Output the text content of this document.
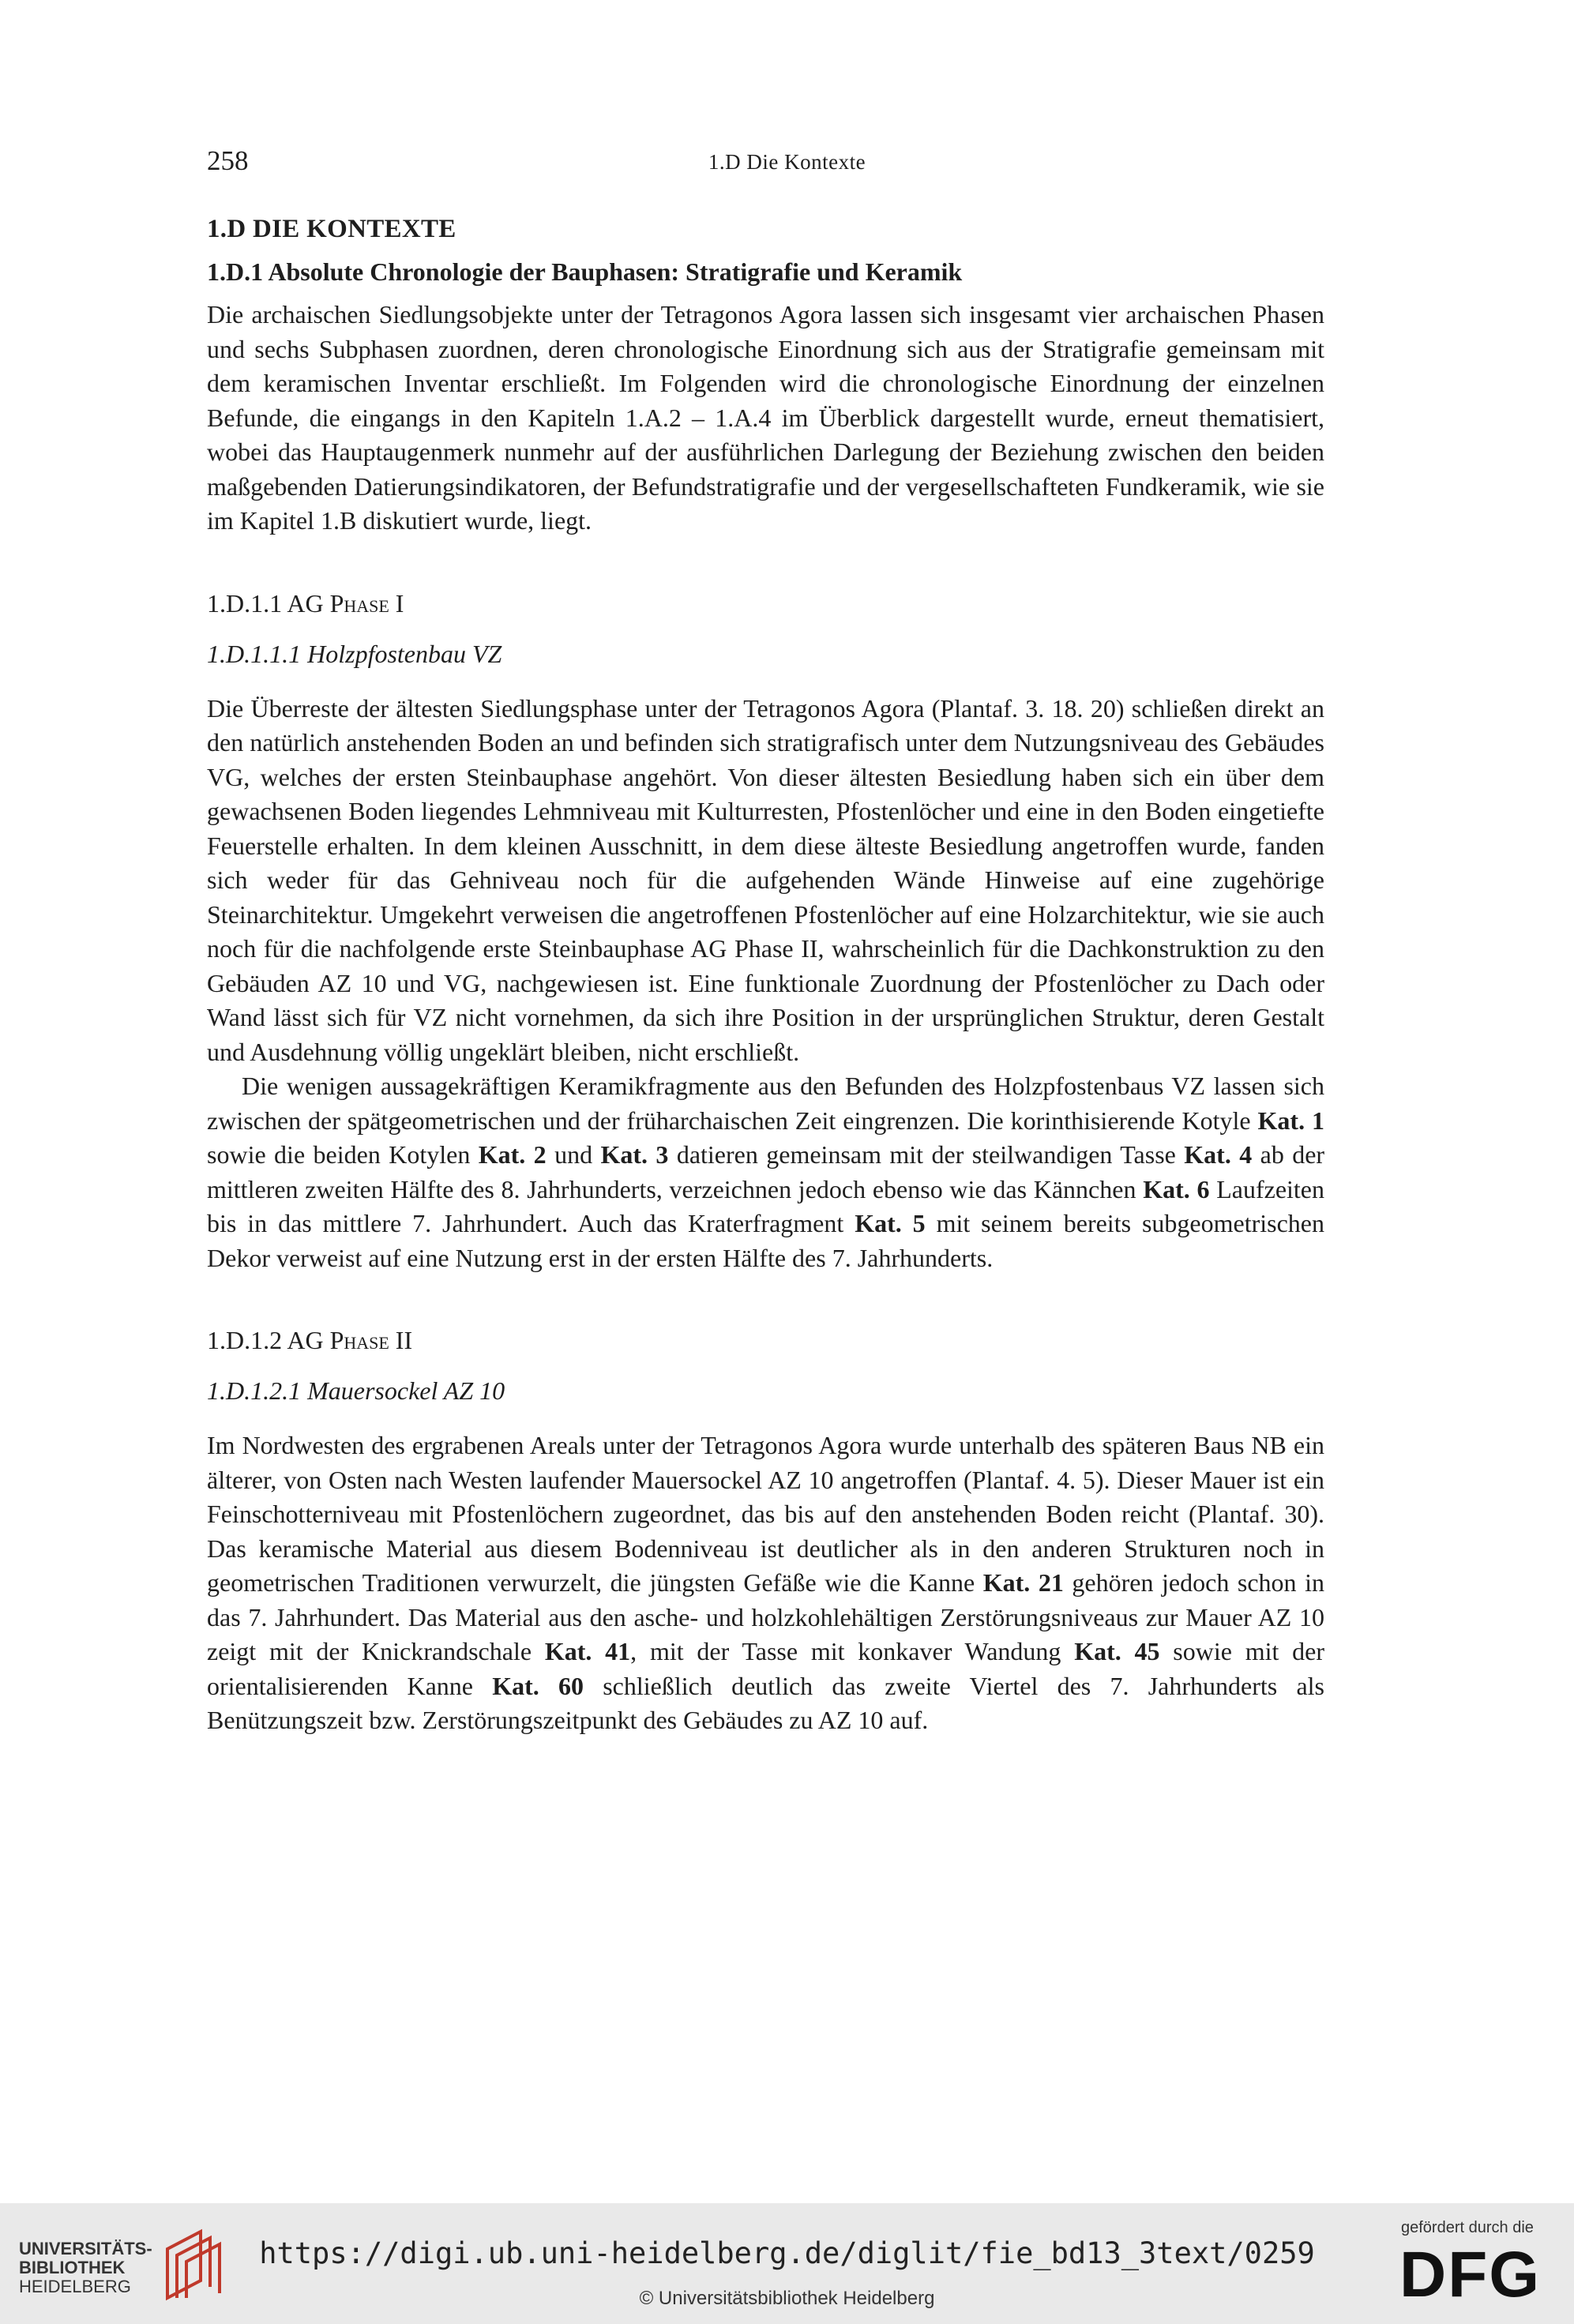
258	1.D Die Kontexte
1.D DIE KONTEXTE
1.D.1 Absolute Chronologie der Bauphasen: Stratigrafie und Keramik

Die archaischen Siedlungsobjekte unter der Tetragonos Agora lassen sich insgesamt vier archaischen Phasen und sechs Subphasen zuordnen, deren chronologische Einordnung sich aus der Stratigrafie gemeinsam mit dem keramischen Inventar erschließt. Im Folgenden wird die chronologische Einordnung der einzelnen Befunde, die eingangs in den Kapiteln 1.A.2 – 1.A.4 im Überblick dargestellt wurde, erneut thematisiert, wobei das Hauptaugenmerk nunmehr auf der ausführlichen Darlegung der Beziehung zwischen den beiden maßgebenden Datierungsindikatoren, der Befundstratigrafie und der vergesellschafteten Fundkeramik, wie sie im Kapitel 1.B diskutiert wurde, liegt.

1.D.1.1 AG Phase I
1.D.1.1.1 Holzpfostenbau VZ

Die Überreste der ältesten Siedlungsphase unter der Tetragonos Agora (Plantaf. 3. 18. 20) schließen direkt an den natürlich anstehenden Boden an und befinden sich stratigrafisch unter dem Nutzungsniveau des Gebäudes VG, welches der ersten Steinbauphase angehört. Von dieser ältesten Besiedlung haben sich ein über dem gewachsenen Boden liegendes Lehmniveau mit Kulturresten, Pfostenlöcher und eine in den Boden eingetiefte Feuerstelle erhalten. In dem kleinen Ausschnitt, in dem diese älteste Besiedlung angetroffen wurde, fanden sich weder für das Gehniveau noch für die aufgehenden Wände Hinweise auf eine zugehörige Steinarchitektur. Umgekehrt verweisen die angetroffenen Pfostenlöcher auf eine Holzarchitektur, wie sie auch noch für die nachfolgende erste Steinbauphase AG Phase II, wahrscheinlich für die Dachkonstruktion zu den Gebäuden AZ 10 und VG, nachgewiesen ist. Eine funktionale Zuordnung der Pfostenlöcher zu Dach oder Wand lässt sich für VZ nicht vornehmen, da sich ihre Position in der ursprünglichen Struktur, deren Gestalt und Ausdehnung völlig ungeklärt bleiben, nicht erschließt.

Die wenigen aussagekräftigen Keramikfragmente aus den Befunden des Holzpfostenbaus VZ lassen sich zwischen der spätgeometrischen und der früharchaischen Zeit eingrenzen. Die korinthisierende Kotyle Kat. 1 sowie die beiden Kotylen Kat. 2 und Kat. 3 datieren gemeinsam mit der steilwandigen Tasse Kat. 4 ab der mittleren zweiten Hälfte des 8. Jahrhunderts, verzeichnen jedoch ebenso wie das Kännchen Kat. 6 Laufzeiten bis in das mittlere 7. Jahrhundert. Auch das Kraterfragment Kat. 5 mit seinem bereits subgeometrischen Dekor verweist auf eine Nutzung erst in der ersten Hälfte des 7. Jahrhunderts.

1.D.1.2 AG Phase II
1.D.1.2.1 Mauersockel AZ 10

Im Nordwesten des ergrabenen Areals unter der Tetragonos Agora wurde unterhalb des späteren Baus NB ein älterer, von Osten nach Westen laufender Mauersockel AZ 10 angetroffen (Plantaf. 4. 5). Dieser Mauer ist ein Feinschotterniveau mit Pfostenlöchern zugeordnet, das bis auf den anstehenden Boden reicht (Plantaf. 30). Das keramische Material aus diesem Bodenniveau ist deutlicher als in den anderen Strukturen noch in geometrischen Traditionen verwurzelt, die jüngsten Gefäße wie die Kanne Kat. 21 gehören jedoch schon in das 7. Jahrhundert. Das Material aus den asche- und holzkohlehältigen Zerstörungsniveaus zur Mauer AZ 10 zeigt mit der Knickrandschale Kat. 41, mit der Tasse mit konkaver Wandung Kat. 45 sowie mit der orientalisierenden Kanne Kat. 60 schließlich deutlich das zweite Viertel des 7. Jahrhunderts als Benützungszeit bzw. Zerstörungszeitpunkt des Gebäudes zu AZ 10 auf.

UNIVERSITÄTS-
BIBLIOTHEK
HEIDELBERG
https://digi.ub.uni-heidelberg.de/diglit/fie_bd13_3text/0259
© Universitätsbibliothek Heidelberg
gefördert durch die
DFG
